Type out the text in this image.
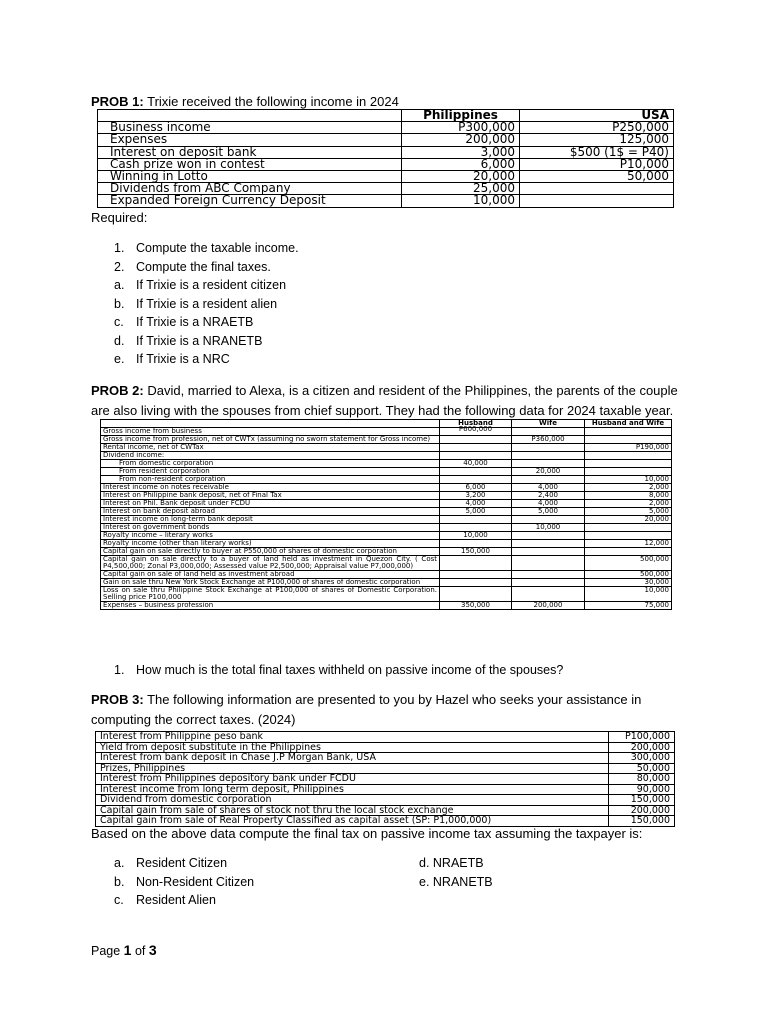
PROB 1: Trixie received the following income in 2024
	Philippines	USA
Business income	P300,000	P250,000
Expenses	200,000	125,000
Interest on deposit bank	3,000	$500 (1$ = P40)
Cash prize won in contest	6,000	P10,000
Winning in Lotto	20,000	50,000
Dividends from ABC Company	25,000	
Expanded Foreign Currency Deposit	10,000	
Required:
1. Compute the taxable income.
2. Compute the final taxes.
a. If Trixie is a resident citizen
b. If Trixie is a resident alien
c. If Trixie is a NRAETB
d. If Trixie is a NRANETB
e. If Trixie is a NRC
PROB 2: David, married to Alexa, is a citizen and resident of the Philippines, the parents of the couple are also living with the spouses from chief support. They had the following data for 2024 taxable year.
	Husband	Wife	Husband and Wife
Gross income from business	P600,000		
Gross income from profession, net of CWTx (assuming no sworn statement for Gross income)		P360,000	
Rental income, net of CWTax			P190,000
Dividend income:			
From domestic corporation	40,000		
From resident corporation		20,000	
From non-resident corporation			10,000
Interest income on notes receivable	6,000	4,000	2,000
Interest on Philippine bank deposit, net of Final Tax	3,200	2,400	8,000
Interest on Phil. Bank deposit under FCDU	4,000	4,000	2,000
Interest on bank deposit abroad	5,000	5,000	5,000
Interest income on long-term bank deposit			20,000
Interest on government bonds		10,000	
Royalty income – literary works	10,000		
Royalty income (other than literary works)			12,000
Capital gain on sale directly to buyer at P550,000 of shares of domestic corporation	150,000		
Capital gain on sale directly to a buyer of land held as investment in Quezon City. ( Cost P4,500,000; Zonal P3,000,000; Assessed value P2,500,000; Appraisal value P7,000,000)			500,000
Capital gain on sale of land held as investment abroad			500,000
Gain on sale thru New York Stock Exchange at P100,000 of shares of domestic corporation			30,000
Loss on sale thru Philippine Stock Exchange at P100,000 of shares of Domestic Corporation. Selling price P100,000			10,000
Expenses – business profession	350,000	200,000	75,000
1. How much is the total final taxes withheld on passive income of the spouses?
PROB 3: The following information are presented to you by Hazel who seeks your assistance in computing the correct taxes. (2024)
Interest from Philippine peso bank	P100,000
Yield from deposit substitute in the Philippines	200,000
Interest from bank deposit in Chase J.P Morgan Bank, USA	300,000
Prizes, Philippines	50,000
Interest from Philippines depository bank under FCDU	80,000
Interest income from long term deposit, Philippines	90,000
Dividend from domestic corporation	150,000
Capital gain from sale of shares of stock not thru the local stock exchange	200,000
Capital gain from sale of Real Property Classified as capital asset (SP: P1,000,000)	150,000
Based on the above data compute the final tax on passive income tax assuming the taxpayer is:
a. Resident Citizen
b. Non-Resident Citizen
c. Resident Alien
d. NRAETB
e. NRANETB
Page 1 of 3
